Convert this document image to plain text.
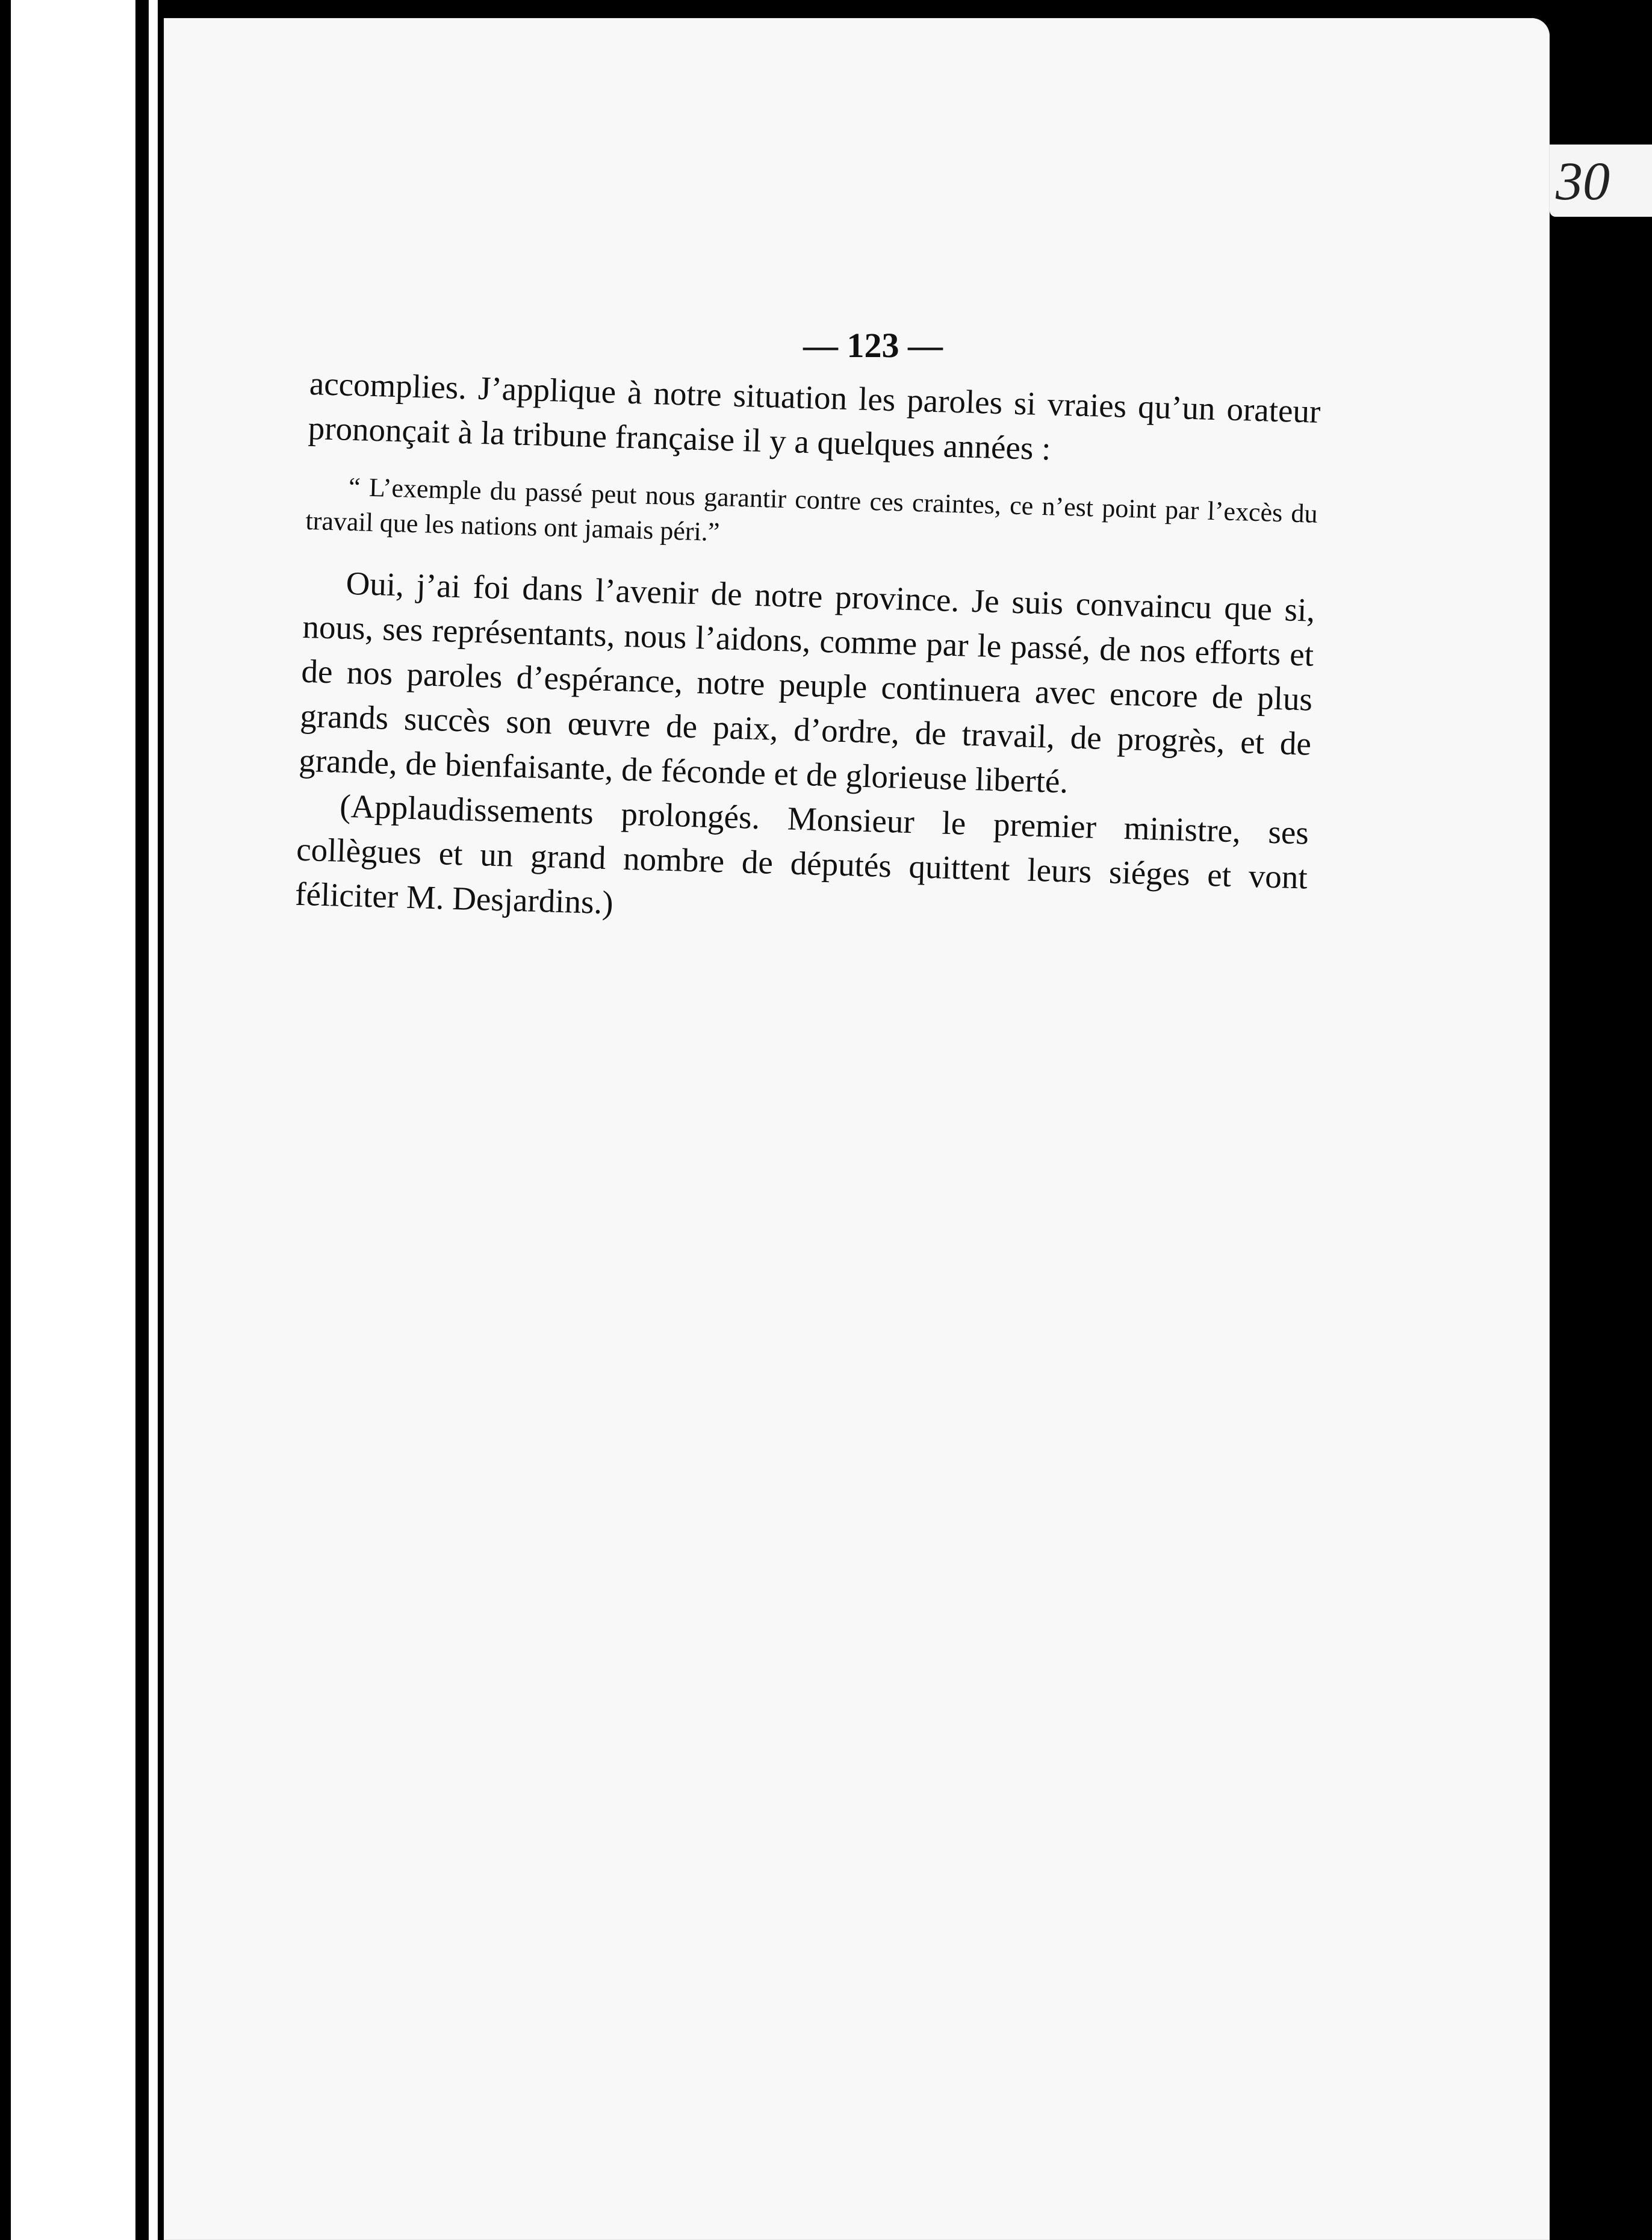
30
— 123 —

accomplies. J’applique à notre situation les paroles si vraies qu’un orateur prononçait à la tribune française il y a quelques années :

“ L’exemple du passé peut nous garantir contre ces craintes, ce n’est point par l’excès du travail que les nations ont jamais péri.”

Oui, j’ai foi dans l’avenir de notre province. Je suis convaincu que si, nous, ses représentants, nous l’aidons, comme par le passé, de nos efforts et de nos paroles d’espérance, notre peuple continuera avec encore de plus grands succès son œuvre de paix, d’ordre, de travail, de progrès, et de grande, de bienfaisante, de féconde et de glorieuse liberté.

(Applaudissements prolongés. Monsieur le premier ministre, ses collègues et un grand nombre de députés quittent leurs siéges et vont féliciter M. Desjardins.)
